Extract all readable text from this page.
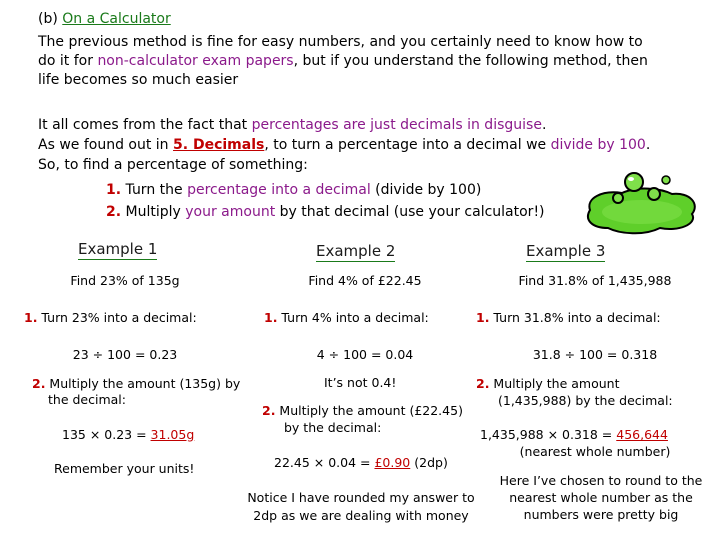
(b) On a Calculator
The previous method is fine for easy numbers, and you certainly need to know how to
do it for non-calculator exam papers, but if you understand the following method, then
life becomes so much easier
It all comes from the fact that percentages are just decimals in disguise.
As we found out in 5. Decimals, to turn a percentage into a decimal we divide by 100.
So, to find a percentage of something:
1. Turn the percentage into a decimal (divide by 100)
2. Multiply your amount by that decimal (use your calculator!)
Example 1
Find 23% of 135g
1. Turn 23% into a decimal:
23 ÷ 100 = 0.23
2. Multiply the amount (135g) by
the decimal:
135 × 0.23 = 31.05g
Remember your units!
Example 2
Find 4% of £22.45
1. Turn 4% into a decimal:
4 ÷ 100 = 0.04
It’s not 0.4!
2. Multiply the amount (£22.45)
by the decimal:
22.45 × 0.04 = £0.90 (2dp)
Notice I have rounded my answer to
2dp as we are dealing with money
Example 3
Find 31.8% of 1,435,988
1. Turn 31.8% into a decimal:
31.8 ÷ 100 = 0.318
2. Multiply the amount
(1,435,988) by the decimal:
1,435,988 × 0.318 = 456,644
(nearest whole number)
Here I’ve chosen to round to the
nearest whole number as the
numbers were pretty big
